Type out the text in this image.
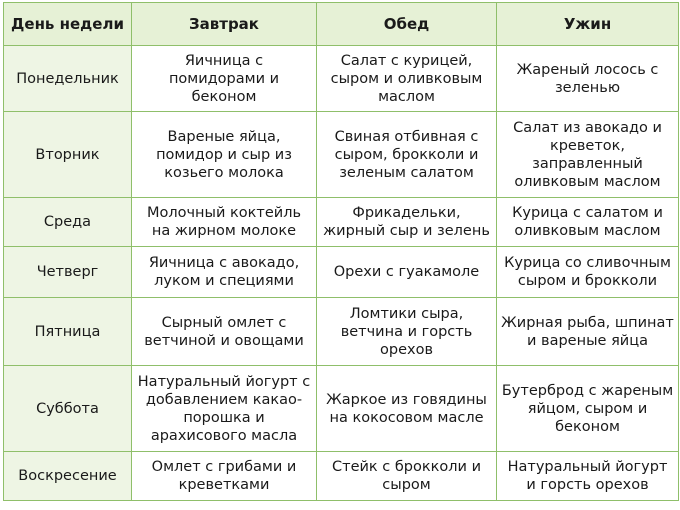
День недели	Завтрак	Обед	Ужин
Понедельник	Яичница с помидорами и беконом	Салат с курицей, сыром и оливковым маслом	Жареный лосось с зеленью
Вторник	Вареные яйца, помидор и сыр из козьего молока	Свиная отбивная с сыром, брокколи и зеленым салатом	Салат из авокадо и креветок, заправленный оливковым маслом
Среда	Молочный коктейль на жирном молоке	Фрикадельки, жирный сыр и зелень	Курица с салатом и оливковым маслом
Четверг	Яичница с авокадо, луком и специями	Орехи с гуакамоле	Курица со сливочным сыром и брокколи
Пятница	Сырный омлет с ветчиной и овощами	Ломтики сыра, ветчина и горсть орехов	Жирная рыба, шпинат и вареные яйца
Суббота	Натуральный йогурт с добавлением какао-порошка и арахисового масла	Жаркое из говядины на кокосовом масле	Бутерброд с жареным яйцом, сыром и беконом
Воскресение	Омлет с грибами и креветками	Стейк с брокколи и сыром	Натуральный йогурт и горсть орехов
